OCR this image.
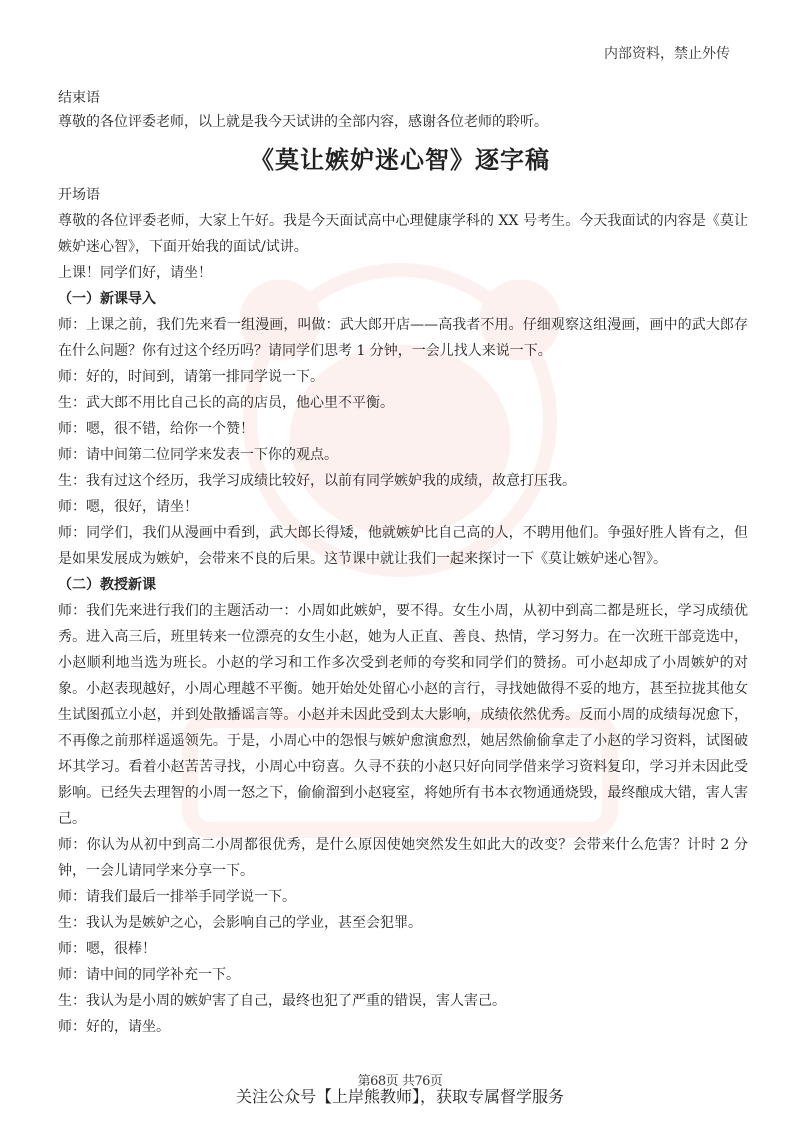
内部资料，禁止外传
结束语
尊敬的各位评委老师，以上就是我今天试讲的全部内容，感谢各位老师的聆听。
《莫让嫉妒迷心智》逐字稿

开场语

尊敬的各位评委老师，大家上午好。我是今天面试高中心理健康学科的 XX 号考生。今天我面试的内容是《莫让嫉妒迷心智》，下面开始我的面试/试讲。

上课！同学们好，请坐！

（一）新课导入

师：上课之前，我们先来看一组漫画，叫做：武大郎开店——高我者不用。仔细观察这组漫画，画中的武大郎存在什么问题？你有过这个经历吗？请同学们思考 1 分钟，一会儿找人来说一下。

师：好的，时间到，请第一排同学说一下。

生：武大郎不用比自己长的高的店员，他心里不平衡。

师：嗯，很不错，给你一个赞！

师：请中间第二位同学来发表一下你的观点。

生：我有过这个经历，我学习成绩比较好，以前有同学嫉妒我的成绩，故意打压我。

师：嗯，很好，请坐！

师：同学们，我们从漫画中看到，武大郎长得矮，他就嫉妒比自己高的人，不聘用他们。争强好胜人皆有之，但是如果发展成为嫉妒，会带来不良的后果。这节课中就让我们一起来探讨一下《莫让嫉妒迷心智》。

（二）教授新课

师：我们先来进行我们的主题活动一：小周如此嫉妒，要不得。女生小周，从初中到高二都是班长，学习成绩优秀。进入高三后，班里转来一位漂亮的女生小赵，她为人正直、善良、热情，学习努力。在一次班干部竞选中，小赵顺利地当选为班长。小赵的学习和工作多次受到老师的夸奖和同学们的赞扬。可小赵却成了小周嫉妒的对象。小赵表现越好，小周心理越不平衡。她开始处处留心小赵的言行，寻找她做得不妥的地方，甚至拉拢其他女生试图孤立小赵，并到处散播谣言等。小赵并未因此受到太大影响，成绩依然优秀。反而小周的成绩每况愈下，不再像之前那样遥遥领先。于是，小周心中的怨恨与嫉妒愈演愈烈，她居然偷偷拿走了小赵的学习资料，试图破坏其学习。看着小赵苦苦寻找，小周心中窃喜。久寻不获的小赵只好向同学借来学习资料复印，学习并未因此受影响。已经失去理智的小周一怒之下，偷偷溜到小赵寝室，将她所有书本衣物通通烧毁，最终酿成大错，害人害己。

师：你认为从初中到高二小周都很优秀，是什么原因使她突然发生如此大的改变？会带来什么危害？计时 2 分钟，一会儿请同学来分享一下。

师：请我们最后一排举手同学说一下。

生：我认为是嫉妒之心，会影响自己的学业，甚至会犯罪。

师：嗯，很棒！

师：请中间的同学补充一下。

生：我认为是小周的嫉妒害了自己，最终也犯了严重的错误，害人害己。

师：好的，请坐。

第68页 共76页
关注公众号【上岸熊教师】，获取专属督学服务
